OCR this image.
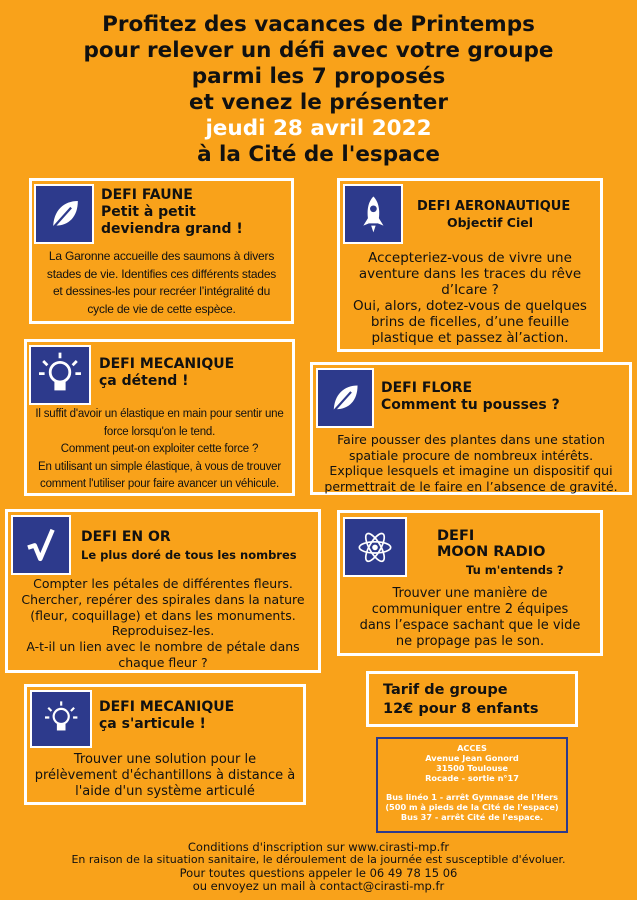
Profitez des vacances de Printemps
pour relever un défi avec votre groupe
parmi les 7 proposés
et venez le présenter
jeudi 28 avril 2022
à la Cité de l'espace
DEFI FAUNE
Petit à petit
deviendra grand !
La Garonne accueille des saumons à divers
stades de vie. Identifies ces différents stades
et dessines-les pour recréer l’intégralité du
cycle de vie de cette espèce.
DEFI AERONAUTIQUE
Objectif Ciel
Accepteriez-vous de vivre une
aventure dans les traces du rêve
d’Icare ?
Oui, alors, dotez-vous de quelques
brins de ficelles, d’une feuille
plastique et passez àl’action.
DEFI MECANIQUE
ça détend !
Il suffit d'avoir un élastique en main pour sentir une
force lorsqu'on le tend.
Comment peut-on exploiter cette force ?
En utilisant un simple élastique, à vous de trouver
comment l'utiliser pour faire avancer un véhicule.
DEFI FLORE
Comment tu pousses ?
Faire pousser des plantes dans une station
spatiale procure de nombreux intérêts.
Explique lesquels et imagine un dispositif qui
permettrait de le faire en l’absence de gravité.
DEFI EN OR
Le plus doré de tous les nombres
Compter les pétales de différentes fleurs.
Chercher, repérer des spirales dans la nature
(fleur, coquillage) et dans les monuments.
Reproduisez-les.
A-t-il un lien avec le nombre de pétale dans
chaque fleur ?
DEFI
MOON RADIO
Tu m'entends ?
Trouver une manière de
communiquer entre 2 équipes
dans l’espace sachant que le vide
ne propage pas le son.
DEFI MECANIQUE
ça s'articule !
Trouver une solution pour le
prélèvement d'échantillons à distance à
l'aide d'un système articulé
Tarif de groupe
12€ pour 8 enfants
ACCES
Avenue Jean Gonord
31500 Toulouse
Rocade - sortie n°17
Bus linéo 1 - arrêt Gymnase de l'Hers
(500 m à pieds de la Cité de l'espace)
Bus 37 - arrêt Cité de l'espace.
Conditions d'inscription sur www.cirasti-mp.fr
En raison de la situation sanitaire, le déroulement de la journée est susceptible d'évoluer.
Pour toutes questions appeler le 06 49 78 15 06
ou envoyez un mail à contact@cirasti-mp.fr
